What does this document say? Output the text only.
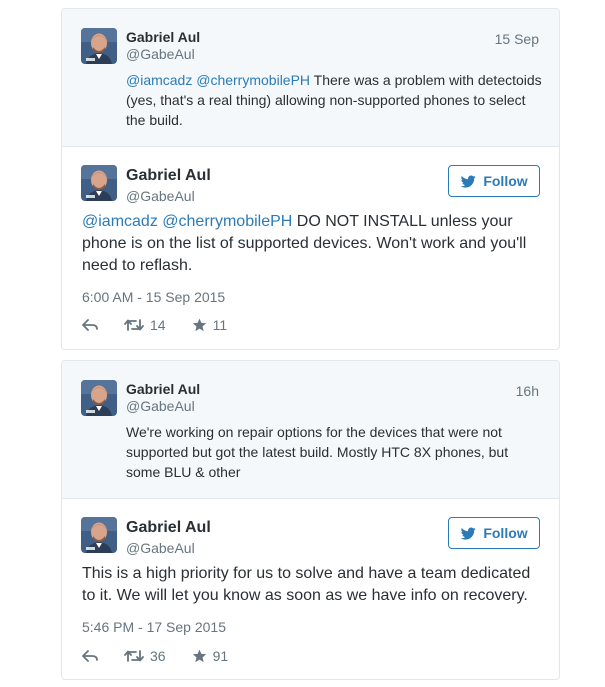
Gabriel Aul
@GabeAul
15 Sep
@iamcadz @cherrymobilePH There was a problem with detectoids (yes, that's a real thing) allowing non-supported phones to select the build.
Gabriel Aul
@GabeAul
Follow
@iamcadz @cherrymobilePH DO NOT INSTALL unless your phone is on the list of supported devices. Won't work and you'll need to reflash.
6:00 AM - 15 Sep 2015
14	11
Gabriel Aul
@GabeAul
16h
We're working on repair options for the devices that were not supported but got the latest build. Mostly HTC 8X phones, but some BLU & other
Gabriel Aul
@GabeAul
Follow
This is a high priority for us to solve and have a team dedicated to it. We will let you know as soon as we have info on recovery.
5:46 PM - 17 Sep 2015
36	91
